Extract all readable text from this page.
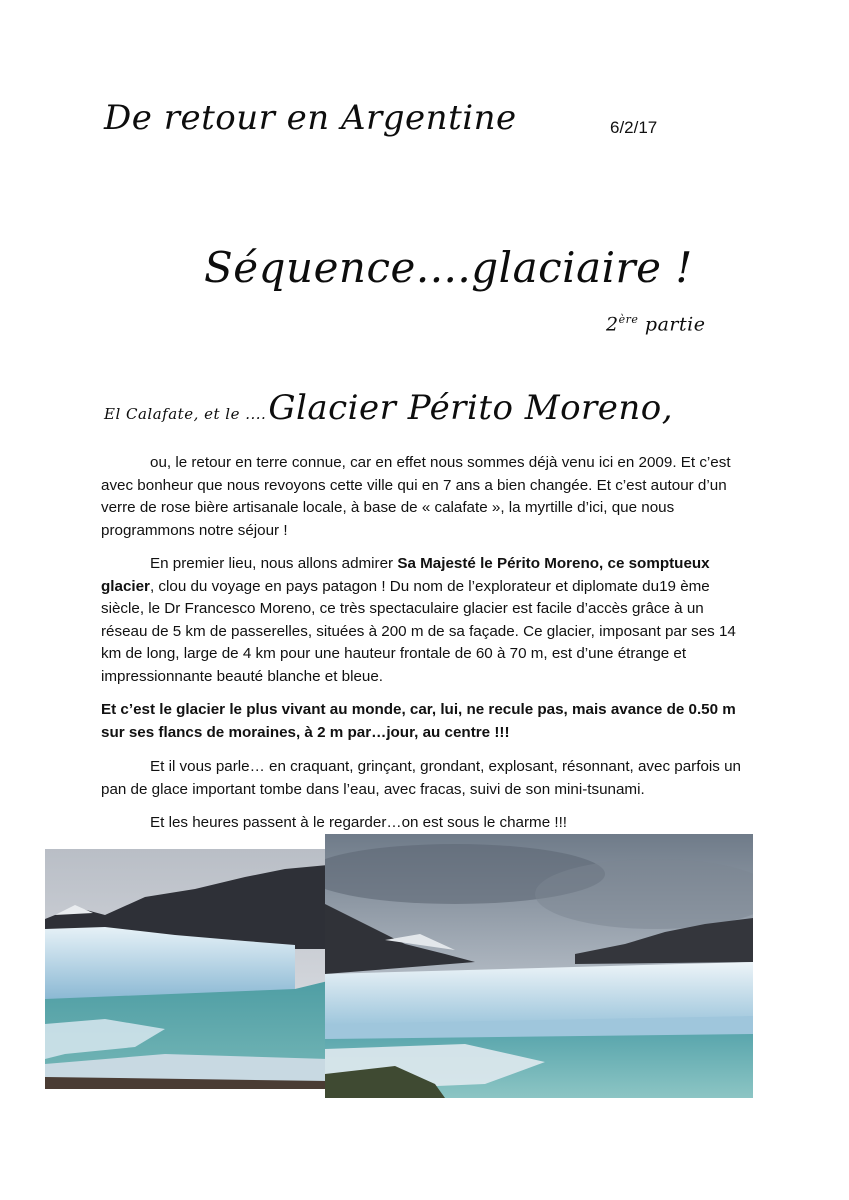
De retour en Argentine	6/2/17
Séquence....glaciaire !
2ère partie
El Calafate, et le ....Glacier Périto Moreno,

ou, le retour en terre connue, car en effet nous sommes déjà venu ici en 2009. Et c’est avec bonheur que nous revoyons cette ville qui en 7 ans a bien changée. Et c’est autour d’un verre de rose bière artisanale locale, à base de « calafate », la myrtille d’ici, que nous programmons notre séjour !

En premier lieu, nous allons admirer Sa Majesté le Périto Moreno, ce somptueux glacier, clou du voyage en pays patagon ! Du nom de l’explorateur et diplomate du19 ème siècle, le Dr Francesco Moreno, ce très spectaculaire glacier est facile d’accès grâce à un réseau de 5 km de passerelles, situées à 200 m de sa façade. Ce glacier, imposant par ses 14 km de long, large de 4 km pour une hauteur frontale de 60 à 70 m, est d’une étrange et impressionnante beauté blanche et bleue.

Et c’est le glacier le plus vivant au monde, car, lui, ne recule pas, mais avance de 0.50 m sur ses flancs de moraines, à 2 m par…jour, au centre !!!

Et il vous parle… en craquant, grinçant, grondant, explosant, résonnant, avec parfois un pan de glace important tombe dans l’eau, avec fracas, suivi de son mini-tsunami.

Et les heures passent à le regarder…on est sous le charme !!!
